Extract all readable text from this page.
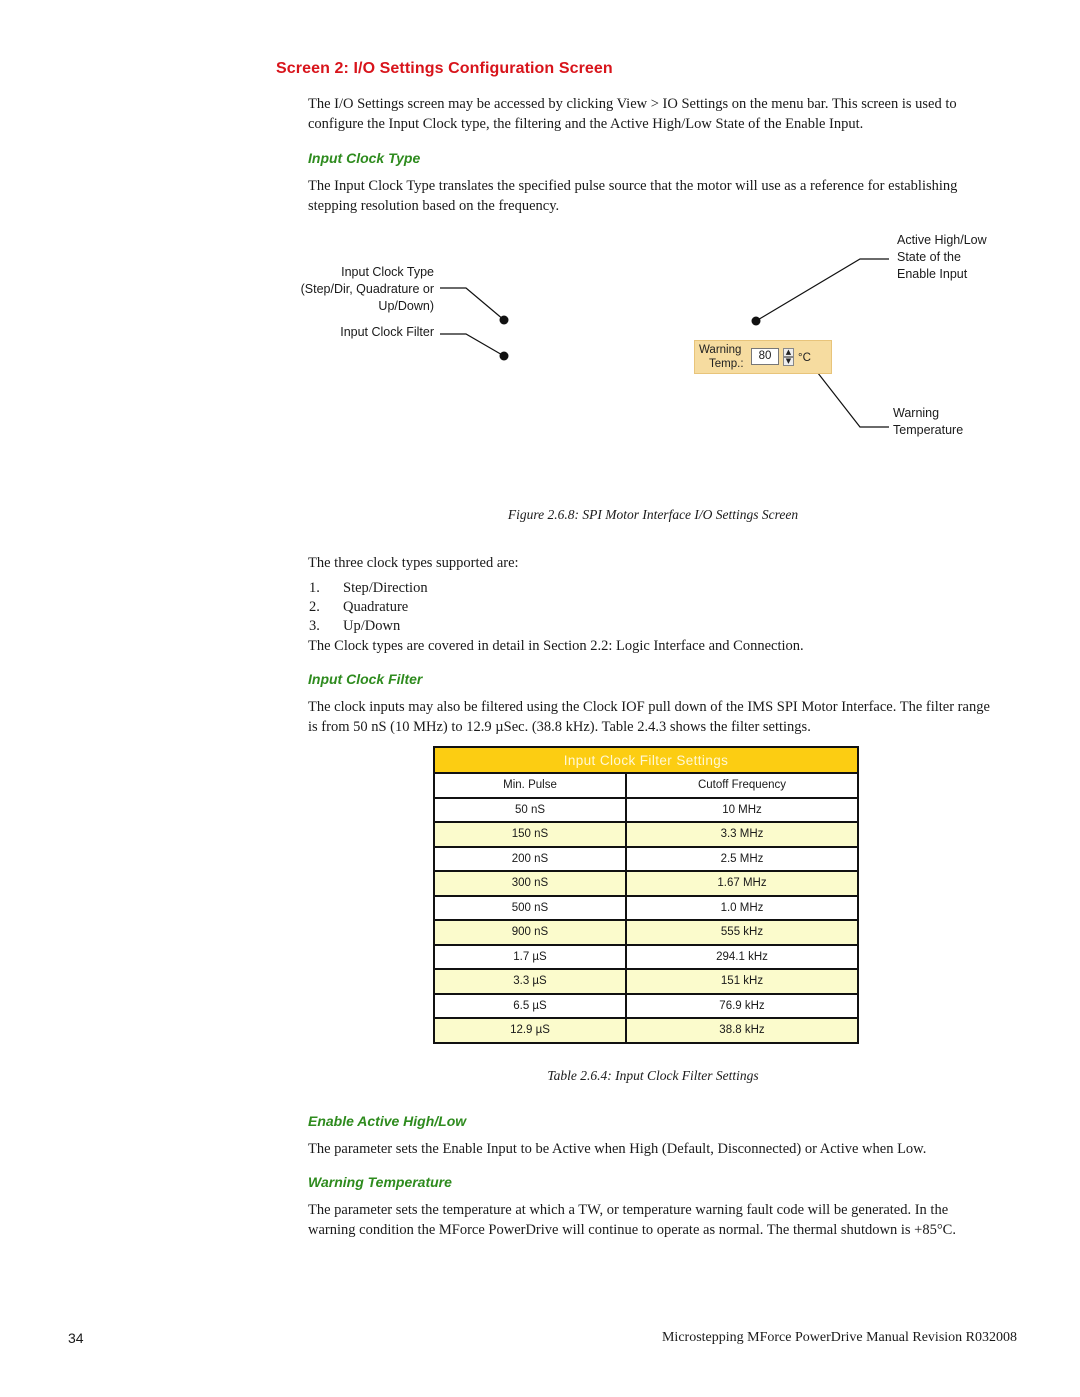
Screen 2: I/O Settings Configuration Screen
The I/O Settings screen may be accessed by clicking View > IO Settings on the menu bar. This screen is used to configure the Input Clock type, the filtering and the Active High/Low State of the Enable Input.
Input Clock Type
The Input Clock Type translates the specified pulse source that the motor will use as a reference for establishing stepping resolution based on the frequency.
Input Clock Type
(Step/Dir, Quadrature or
Up/Down)
Input Clock Filter
Active High/Low
State of the
Enable Input
Warning
Temperature
Warning
Temp.:
80	▲
▼ °C
Figure 2.6.8: SPI Motor Interface I/O Settings Screen
The three clock types supported are:
1. Step/Direction
2. Quadrature
3. Up/Down
The Clock types are covered in detail in Section 2.2: Logic Interface and Connection.
Input Clock Filter
The clock inputs may also be filtered using the Clock IOF pull down of the IMS SPI Motor Interface. The filter range is from 50 nS (10 MHz) to 12.9 µSec. (38.8 kHz). Table 2.4.3 shows the filter settings.
Input Clock Filter Settings
Min. Pulse	Cutoff Frequency
50 nS	10 MHz
150 nS	3.3 MHz
200 nS	2.5 MHz
300 nS	1.67 MHz
500 nS	1.0 MHz
900 nS	555 kHz
1.7 µS	294.1 kHz
3.3 µS	151 kHz
6.5 µS	76.9 kHz
12.9 µS	38.8 kHz
Table 2.6.4: Input Clock Filter Settings
Enable Active High/Low
The parameter sets the Enable Input to be Active when High (Default, Disconnected) or Active when Low.
Warning Temperature
The parameter sets the temperature at which a TW, or temperature warning fault code will be generated. In the warning condition the MForce PowerDrive will continue to operate as normal. The thermal shutdown is +85°C.
34	Microstepping MForce PowerDrive Manual Revision R032008
